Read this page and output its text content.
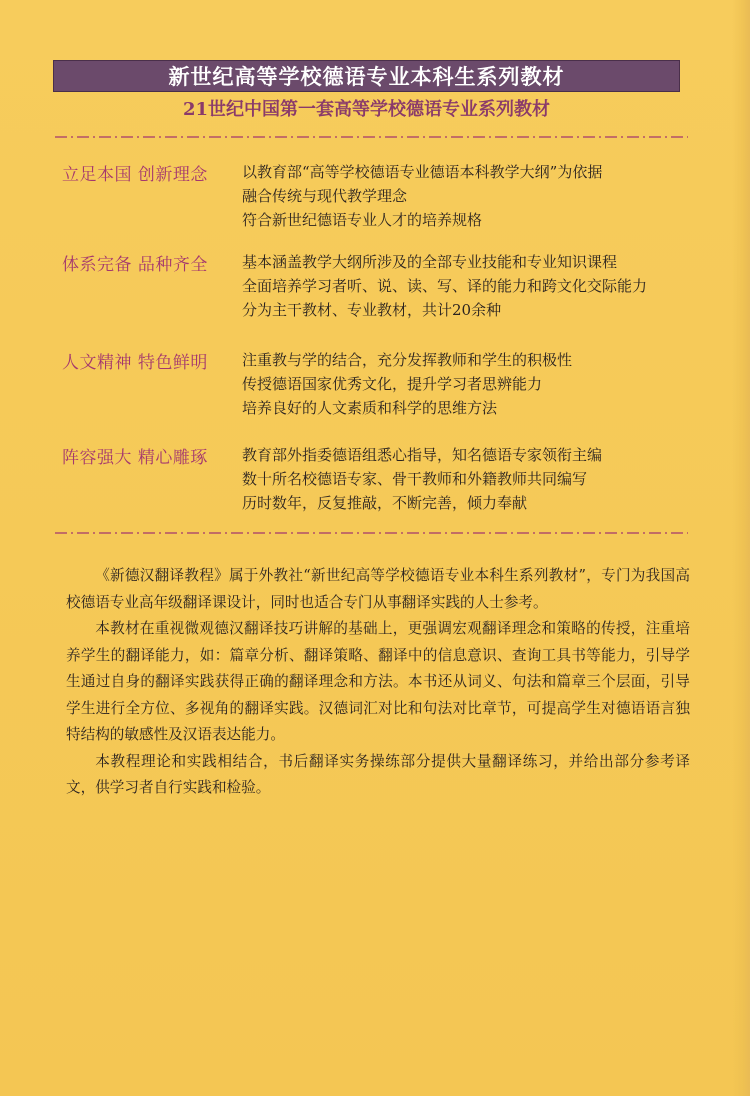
新世纪高等学校德语专业本科生系列教材
21世纪中国第一套高等学校德语专业系列教材
立足本国 创新理念 以教育部“高等学校德语专业德语本科教学大纲”为依据
融合传统与现代教学理念
符合新世纪德语专业人才的培养规格
体系完备 品种齐全 基本涵盖教学大纲所涉及的全部专业技能和专业知识课程
全面培养学习者听、说、读、写、译的能力和跨文化交际能力
分为主干教材、专业教材，共计20余种
人文精神 特色鲜明 注重教与学的结合，充分发挥教师和学生的积极性
传授德语国家优秀文化，提升学习者思辨能力
培养良好的人文素质和科学的思维方法
阵容强大 精心雕琢 教育部外指委德语组悉心指导，知名德语专家领衔主编
数十所名校德语专家、骨干教师和外籍教师共同编写
历时数年，反复推敲，不断完善，倾力奉献

《新德汉翻译教程》属于外教社“新世纪高等学校德语专业本科生系列教材”，专门为我国高校德语专业高年级翻译课设计，同时也适合专门从事翻译实践的人士参考。

本教材在重视微观德汉翻译技巧讲解的基础上，更强调宏观翻译理念和策略的传授，注重培养学生的翻译能力，如：篇章分析、翻译策略、翻译中的信息意识、查询工具书等能力，引导学生通过自身的翻译实践获得正确的翻译理念和方法。本书还从词义、句法和篇章三个层面，引导学生进行全方位、多视角的翻译实践。汉德词汇对比和句法对比章节，可提高学生对德语语言独特结构的敏感性及汉语表达能力。

本教程理论和实践相结合，书后翻译实务操练部分提供大量翻译练习，并给出部分参考译文，供学习者自行实践和检验。
